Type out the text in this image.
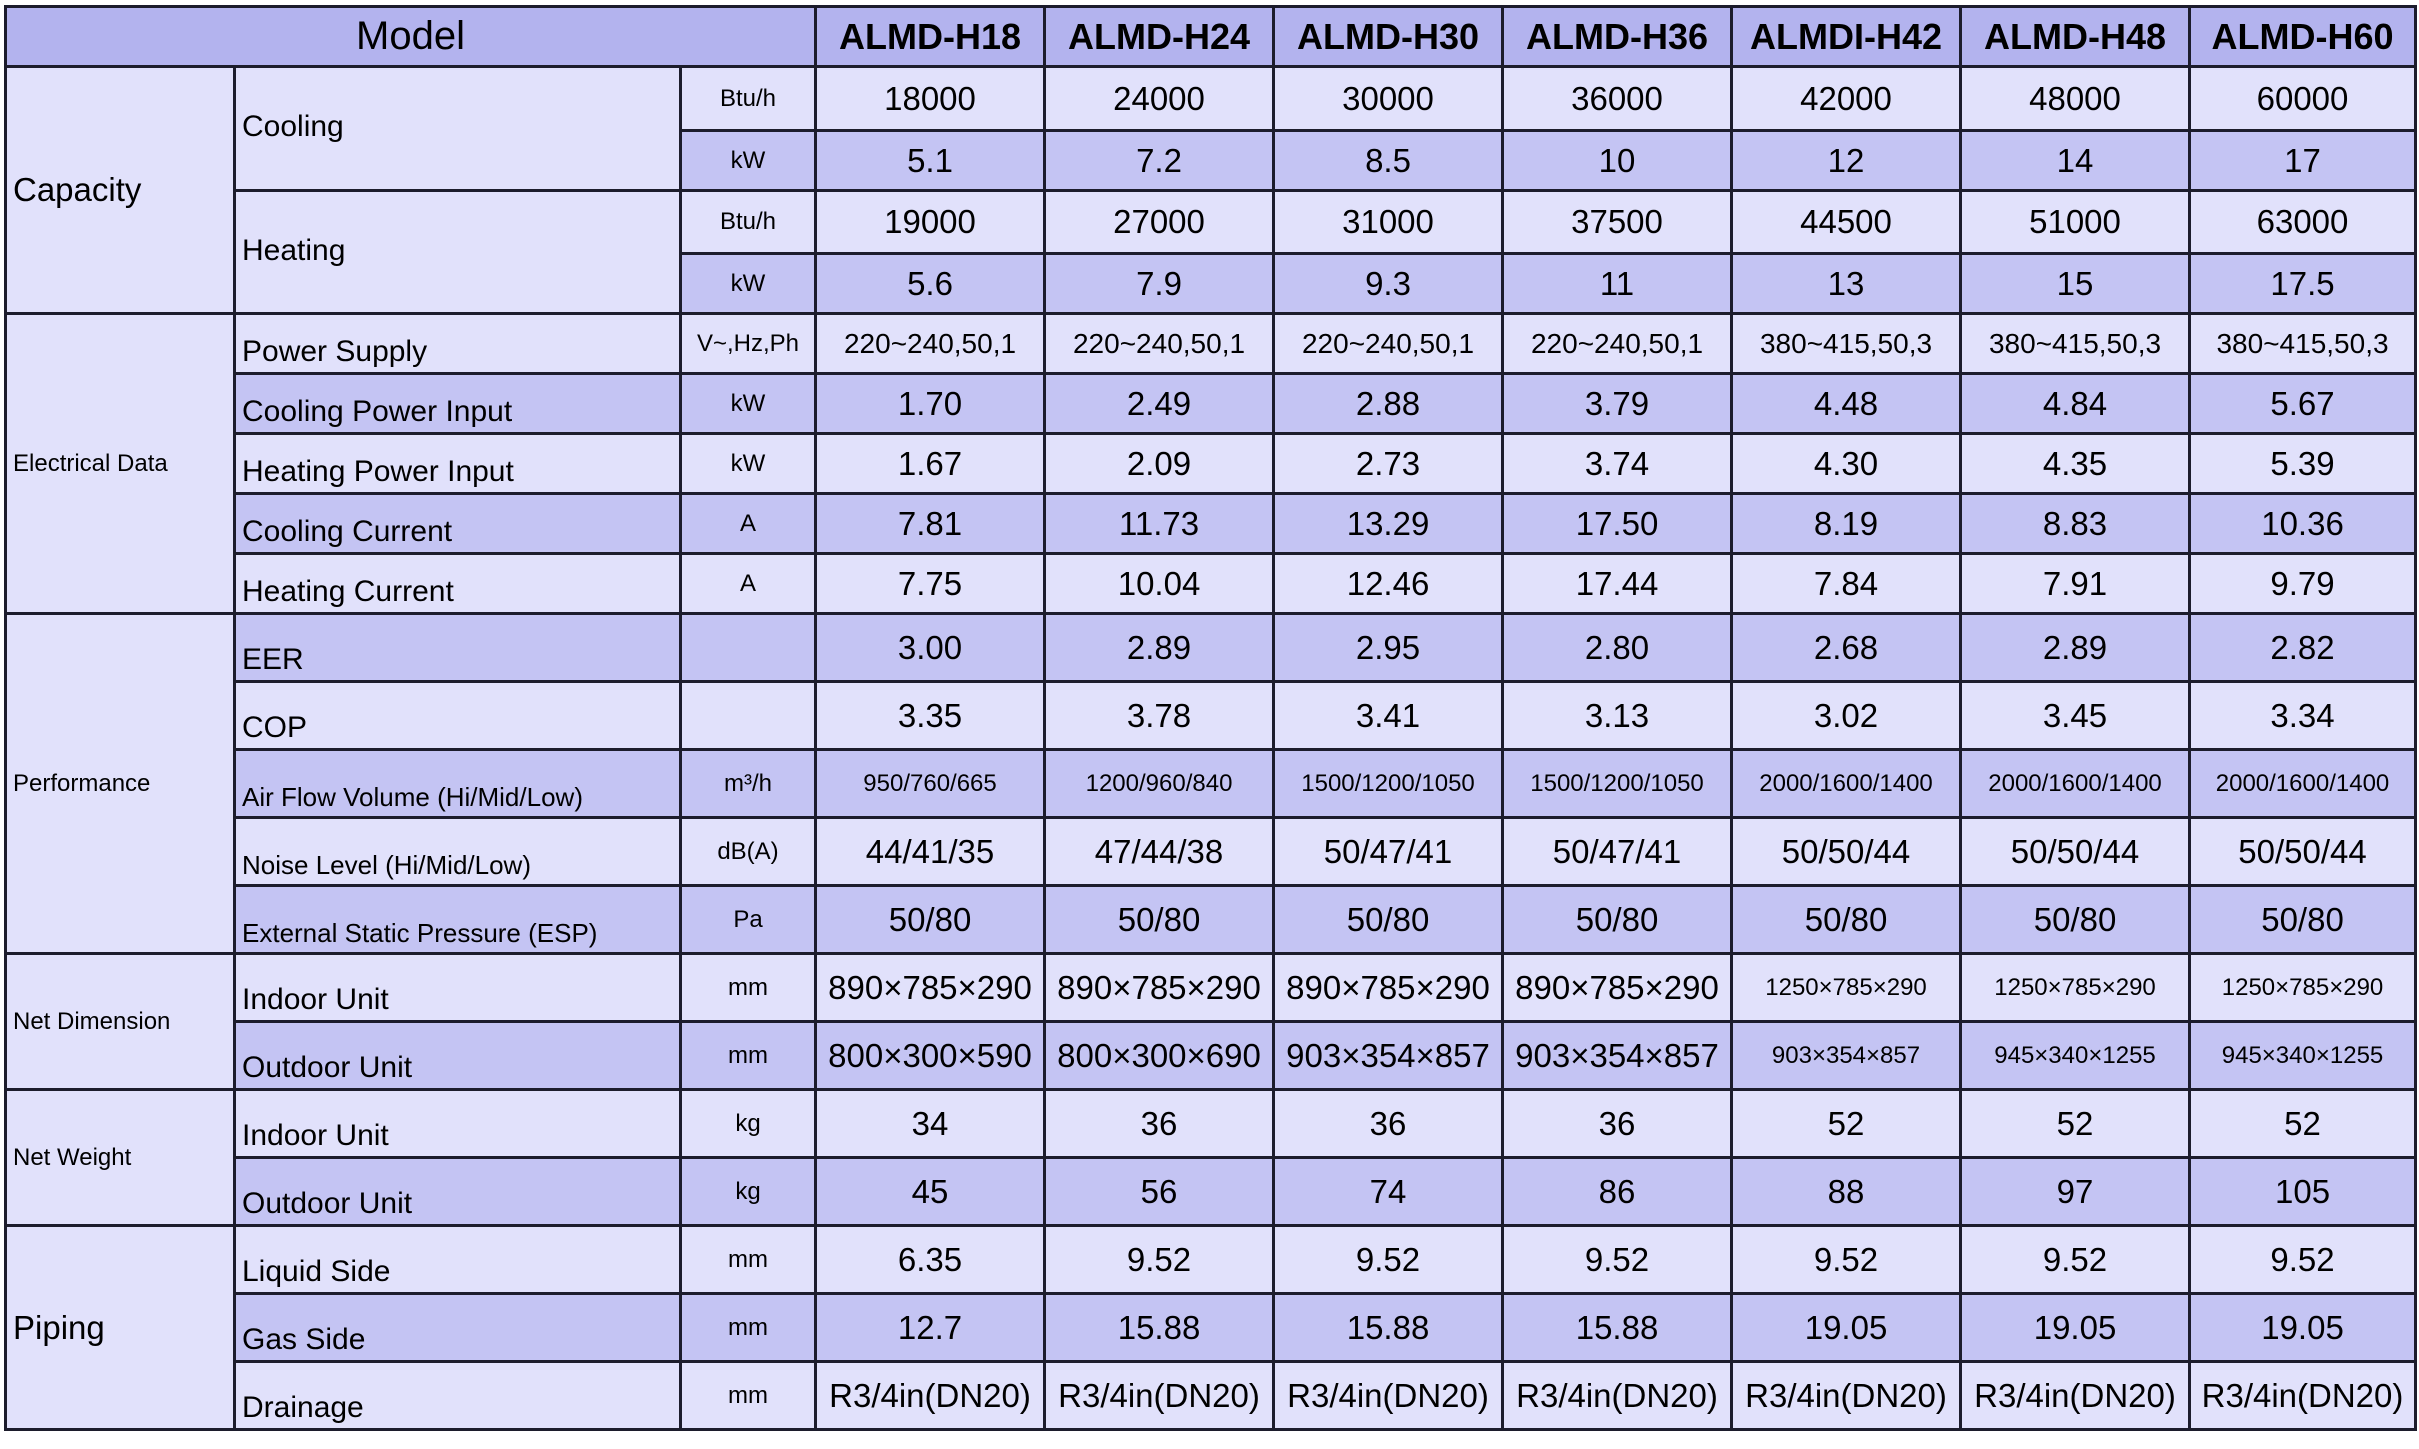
Model			ALMD-H18	ALMD-H24	ALMD-H30	ALMD-H36	ALMDI-H42	ALMD-H48	ALMD-H60
Capacity	Cooling	Btu/h	18000	24000	30000	36000	42000	48000	60000
		kW	5.1	7.2	8.5	10	12	14	17
	Heating	Btu/h	19000	27000	31000	37500	44500	51000	63000
		kW	5.6	7.9	9.3	11	13	15	17.5
Electrical Data	Power Supply	V~,Hz,Ph	220~240,50,1	220~240,50,1	220~240,50,1	220~240,50,1	380~415,50,3	380~415,50,3	380~415,50,3
	Cooling Power Input	kW	1.70	2.49	2.88	3.79	4.48	4.84	5.67
	Heating Power Input	kW	1.67	2.09	2.73	3.74	4.30	4.35	5.39
	Cooling Current	A	7.81	11.73	13.29	17.50	8.19	8.83	10.36
	Heating Current	A	7.75	10.04	12.46	17.44	7.84	7.91	9.79
Performance	EER		3.00	2.89	2.95	2.80	2.68	2.89	2.82
	COP		3.35	3.78	3.41	3.13	3.02	3.45	3.34
	Air Flow Volume (Hi/Mid/Low)	m³/h	950/760/665	1200/960/840	1500/1200/1050	1500/1200/1050	2000/1600/1400	2000/1600/1400	2000/1600/1400
	Noise Level (Hi/Mid/Low)	dB(A)	44/41/35	47/44/38	50/47/41	50/47/41	50/50/44	50/50/44	50/50/44
	External Static Pressure (ESP)	Pa	50/80	50/80	50/80	50/80	50/80	50/80	50/80
Net Dimension	Indoor Unit	mm	890×785×290	890×785×290	890×785×290	890×785×290	1250×785×290	1250×785×290	1250×785×290
	Outdoor Unit	mm	800×300×590	800×300×690	903×354×857	903×354×857	903×354×857	945×340×1255	945×340×1255
Net Weight	Indoor Unit	kg	34	36	36	36	52	52	52
	Outdoor Unit	kg	45	56	74	86	88	97	105
Piping	Liquid Side	mm	6.35	9.52	9.52	9.52	9.52	9.52	9.52
	Gas Side	mm	12.7	15.88	15.88	15.88	19.05	19.05	19.05
	Drainage	mm	R3/4in(DN20)	R3/4in(DN20)	R3/4in(DN20)	R3/4in(DN20)	R3/4in(DN20)	R3/4in(DN20)	R3/4in(DN20)
